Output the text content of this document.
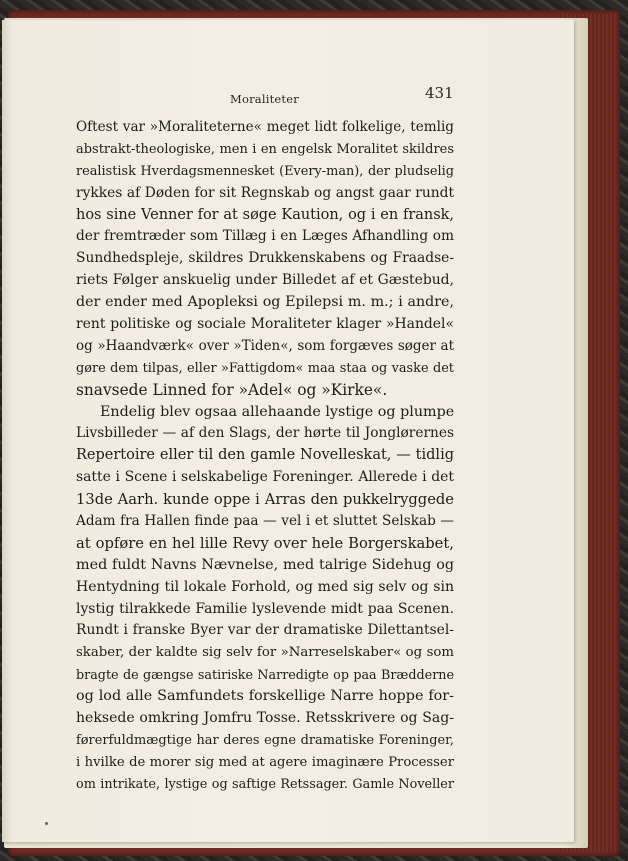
Moraliteter	431
Oftest var »Moraliteterne« meget lidt folkelige, temlig
abstrakt-theologiske, men i en engelsk Moralitet skildres
realistisk Hverdagsmennesket (Every-man), der pludselig
rykkes af Døden for sit Regnskab og angst gaar rundt
hos sine Venner for at søge Kaution, og i en fransk,
der fremtræder som Tillæg i en Læges Afhandling om
Sundhedspleje, skildres Drukkenskabens og Fraadse-
riets Følger anskuelig under Billedet af et Gæstebud,
der ender med Apopleksi og Epilepsi m. m.; i andre,
rent politiske og sociale Moraliteter klager »Handel«
og »Haandværk« over »Tiden«, som forgæves søger at
gøre dem tilpas, eller »Fattigdom« maa staa og vaske det
snavsede Linned for »Adel« og »Kirke«.
Endelig blev ogsaa allehaande lystige og plumpe
Livsbilleder — af den Slags, der hørte til Jonglørernes
Repertoire eller til den gamle Novelleskat, — tidlig
satte i Scene i selskabelige Foreninger. Allerede i det
13de Aarh. kunde oppe i Arras den pukkelryggede
Adam fra Hallen finde paa — vel i et sluttet Selskab —
at opføre en hel lille Revy over hele Borgerskabet,
med fuldt Navns Nævnelse, med talrige Sidehug og
Hentydning til lokale Forhold, og med sig selv og sin
lystig tilrakkede Familie lyslevende midt paa Scenen.
Rundt i franske Byer var der dramatiske Dilettantsel-
skaber, der kaldte sig selv for »Narreselskaber« og som
bragte de gængse satiriske Narredigte op paa Brædderne
og lod alle Samfundets forskellige Narre hoppe for-
heksede omkring Jomfru Tosse. Retsskrivere og Sag-
førerfuldmægtige har deres egne dramatiske Foreninger,
i hvilke de morer sig med at agere imaginære Processer
om intrikate, lystige og saftige Retssager. Gamle Noveller
